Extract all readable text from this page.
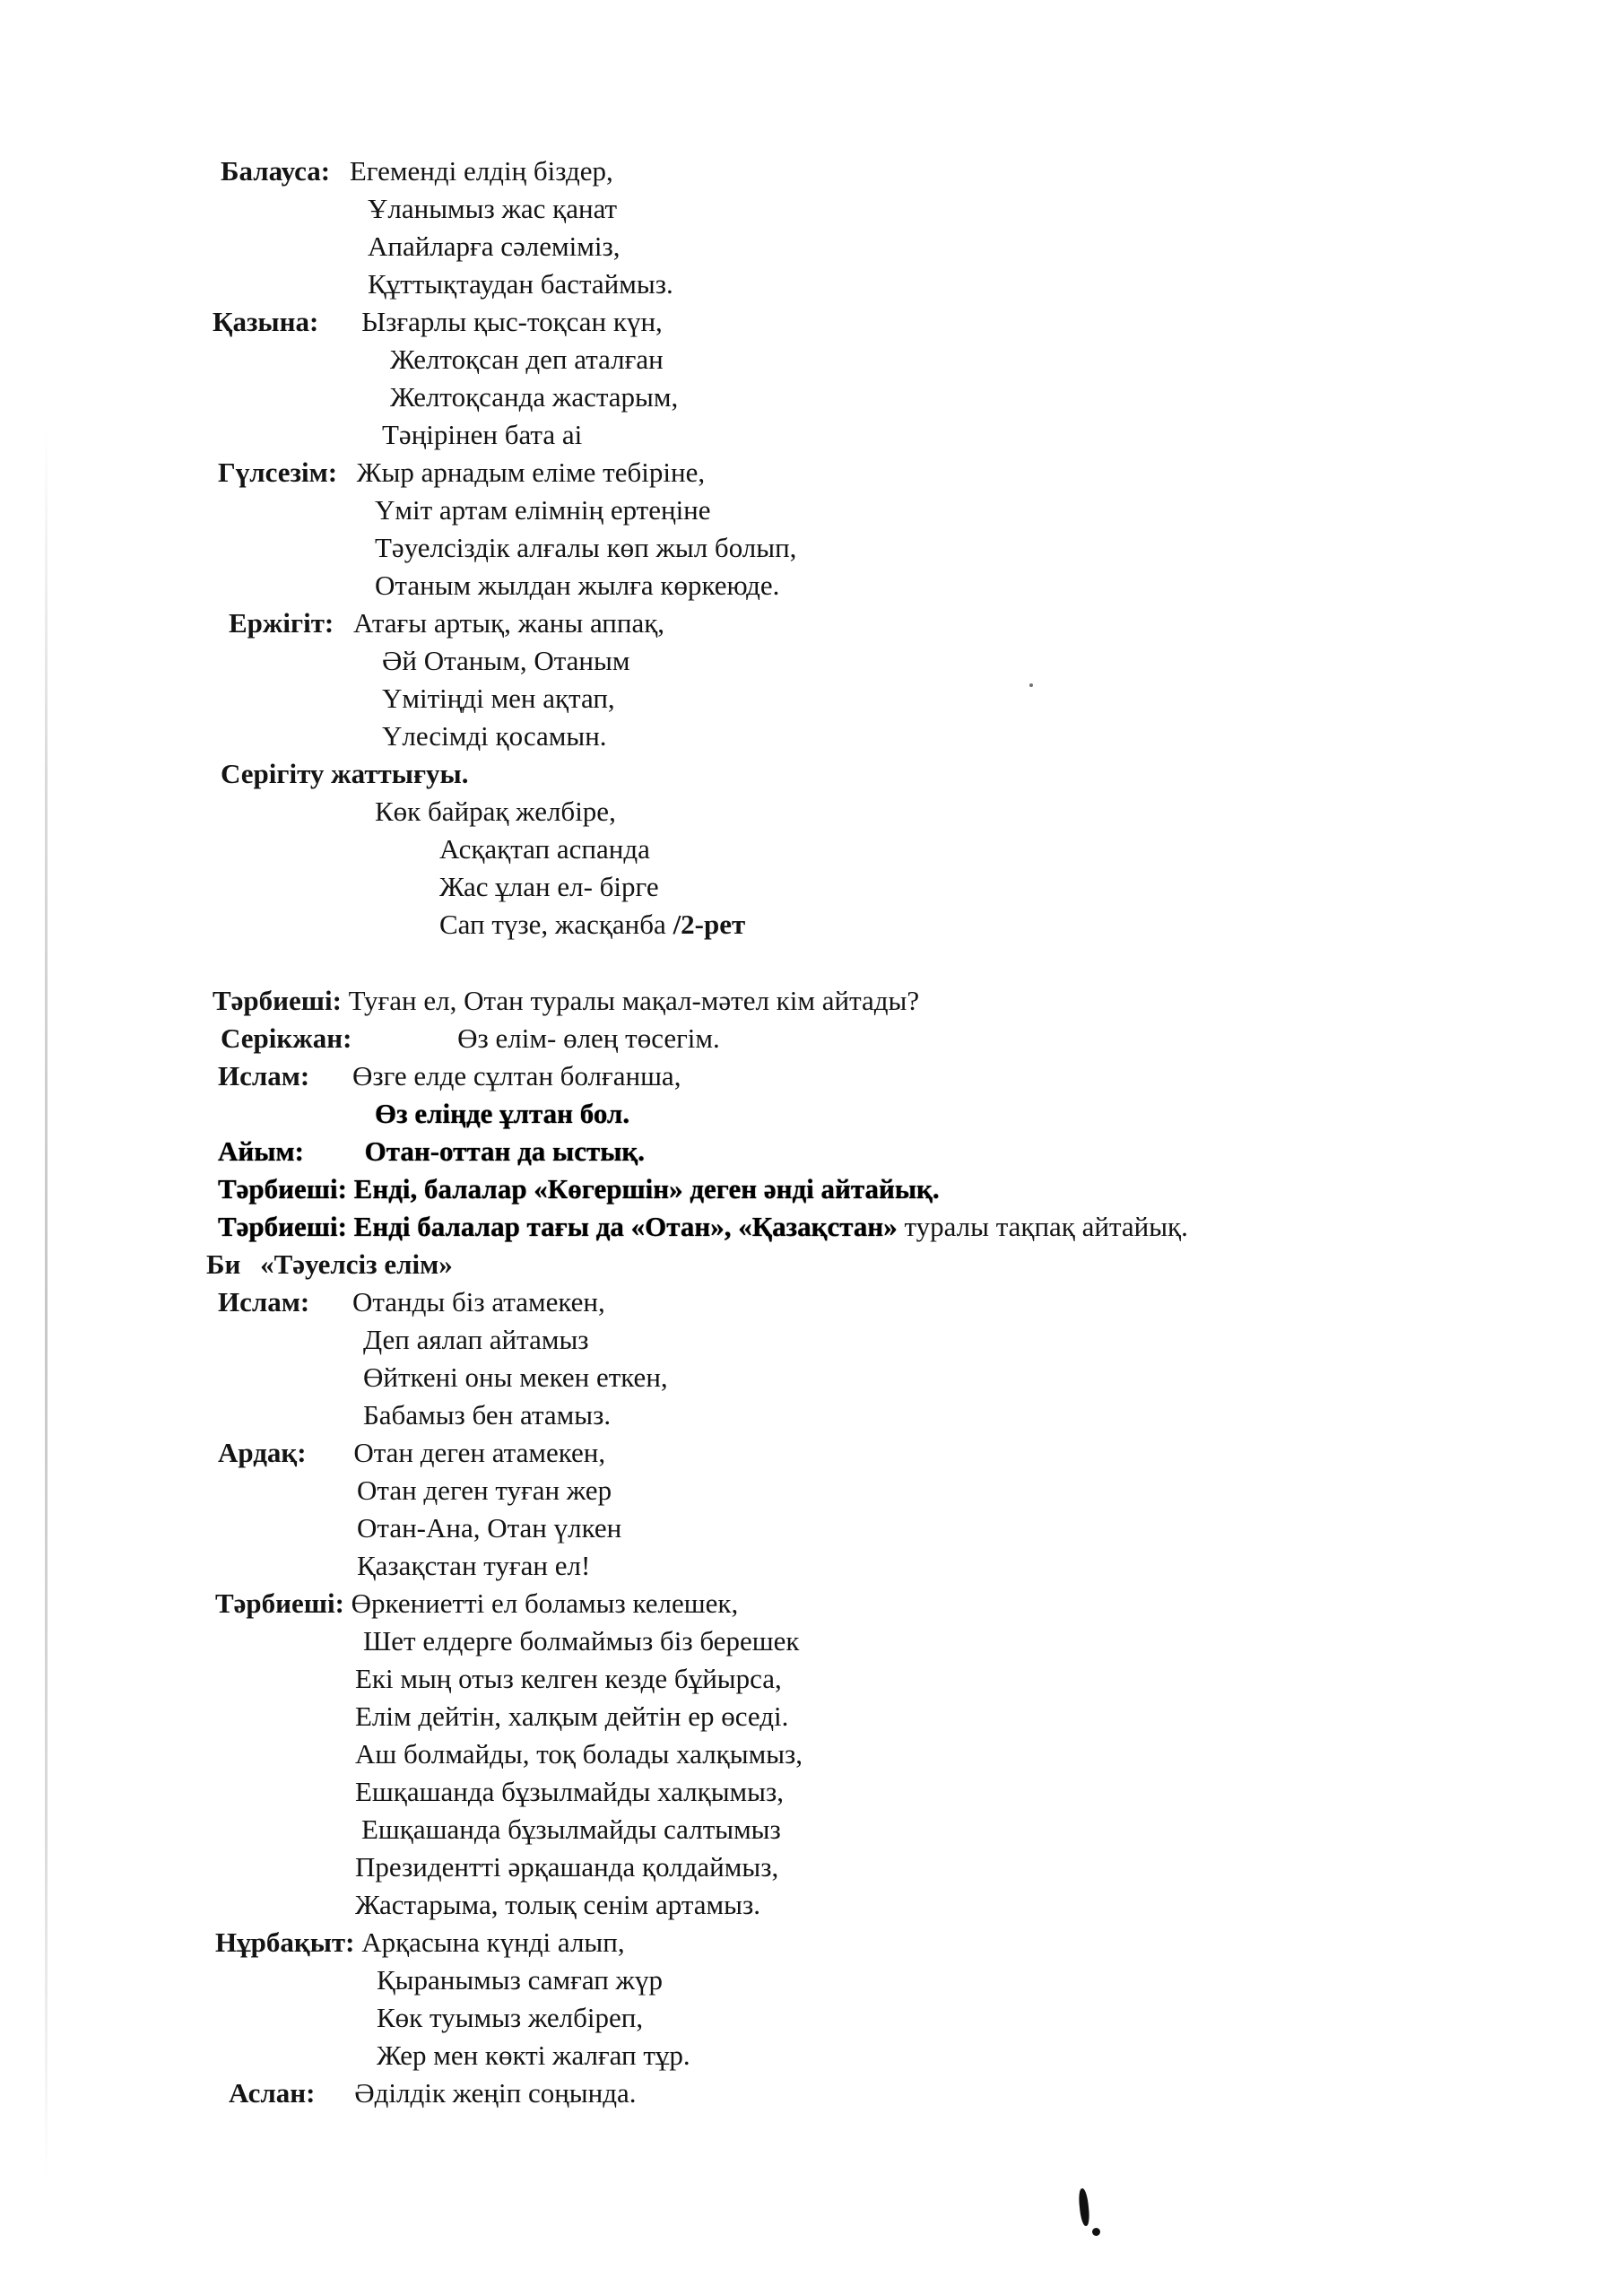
Балауса: Егеменді елдің біздер,
Ұланымыз жас қанат
Апайларға сәлеміміз,
Құттықтаудан бастаймыз.
Қазына: Ызғарлы қыс-тоқсан күн,
Желтоқсан деп аталған
Желтоқсанда жастарым,
Тәңірінен бата аі
Гүлсезім: Жыр арнадым еліме тебіріне,
Үміт артам елімнің ертеңіне
Тәуелсіздік алғалы көп жыл болып,
Отаным жылдан жылға көркеюде.
Ержігіт: Атағы артық, жаны аппақ,
Әй Отаным, Отаным
Үмітіңді мен ақтап,
Үлесімді қосамын.
Серігіту жаттығуы.
Көк байрақ желбіре,
Асқақтап аспанда
Жас ұлан ел- бірге
Сап түзе, жасқанба /2-рет
Тәрбиеші: Туған ел, Отан туралы мақал-мәтел кім айтады?
Серікжан:	Өз елім- өлең төсегім.
Ислам: Өзге елде сұлтан болғанша,
Өз еліңде ұлтан бол.
Айым: Отан-оттан да ыстық.
Тәрбиеші: Енді, балалар «Көгершін» деген әнді айтайық.
Тәрбиеші: Енді балалар тағы да «Отан», «Қазақстан» туралы тақпақ айтайық.
Би «Тәуелсіз елім»
Ислам: Отанды біз атамекен,
Деп аялап айтамыз
Өйткені оны мекен еткен,
Бабамыз бен атамыз.
Ардақ: Отан деген атамекен,
Отан деген туған жер
Отан-Ана, Отан үлкен
Қазақстан туған ел!
Тәрбиеші: Өркениетті ел боламыз келешек,
Шет елдерге болмаймыз біз берешек
Екі мың отыз келген кезде бұйырса,
Елім дейтін, халқым дейтін ер өседі.
Аш болмайды, тоқ болады халқымыз,
Ешқашанда бұзылмайды халқымыз,
Ешқашанда бұзылмайды салтымыз
Президентті әрқашанда қолдаймыз,
Жастарыма, толық сенім артамыз.
Нұрбақыт: Арқасына күнді алып,
Қыранымыз самғап жүр
Көк туымыз желбіреп,
Жер мен көкті жалғап тұр.
Аслан: Әділдік жеңіп соңында.
